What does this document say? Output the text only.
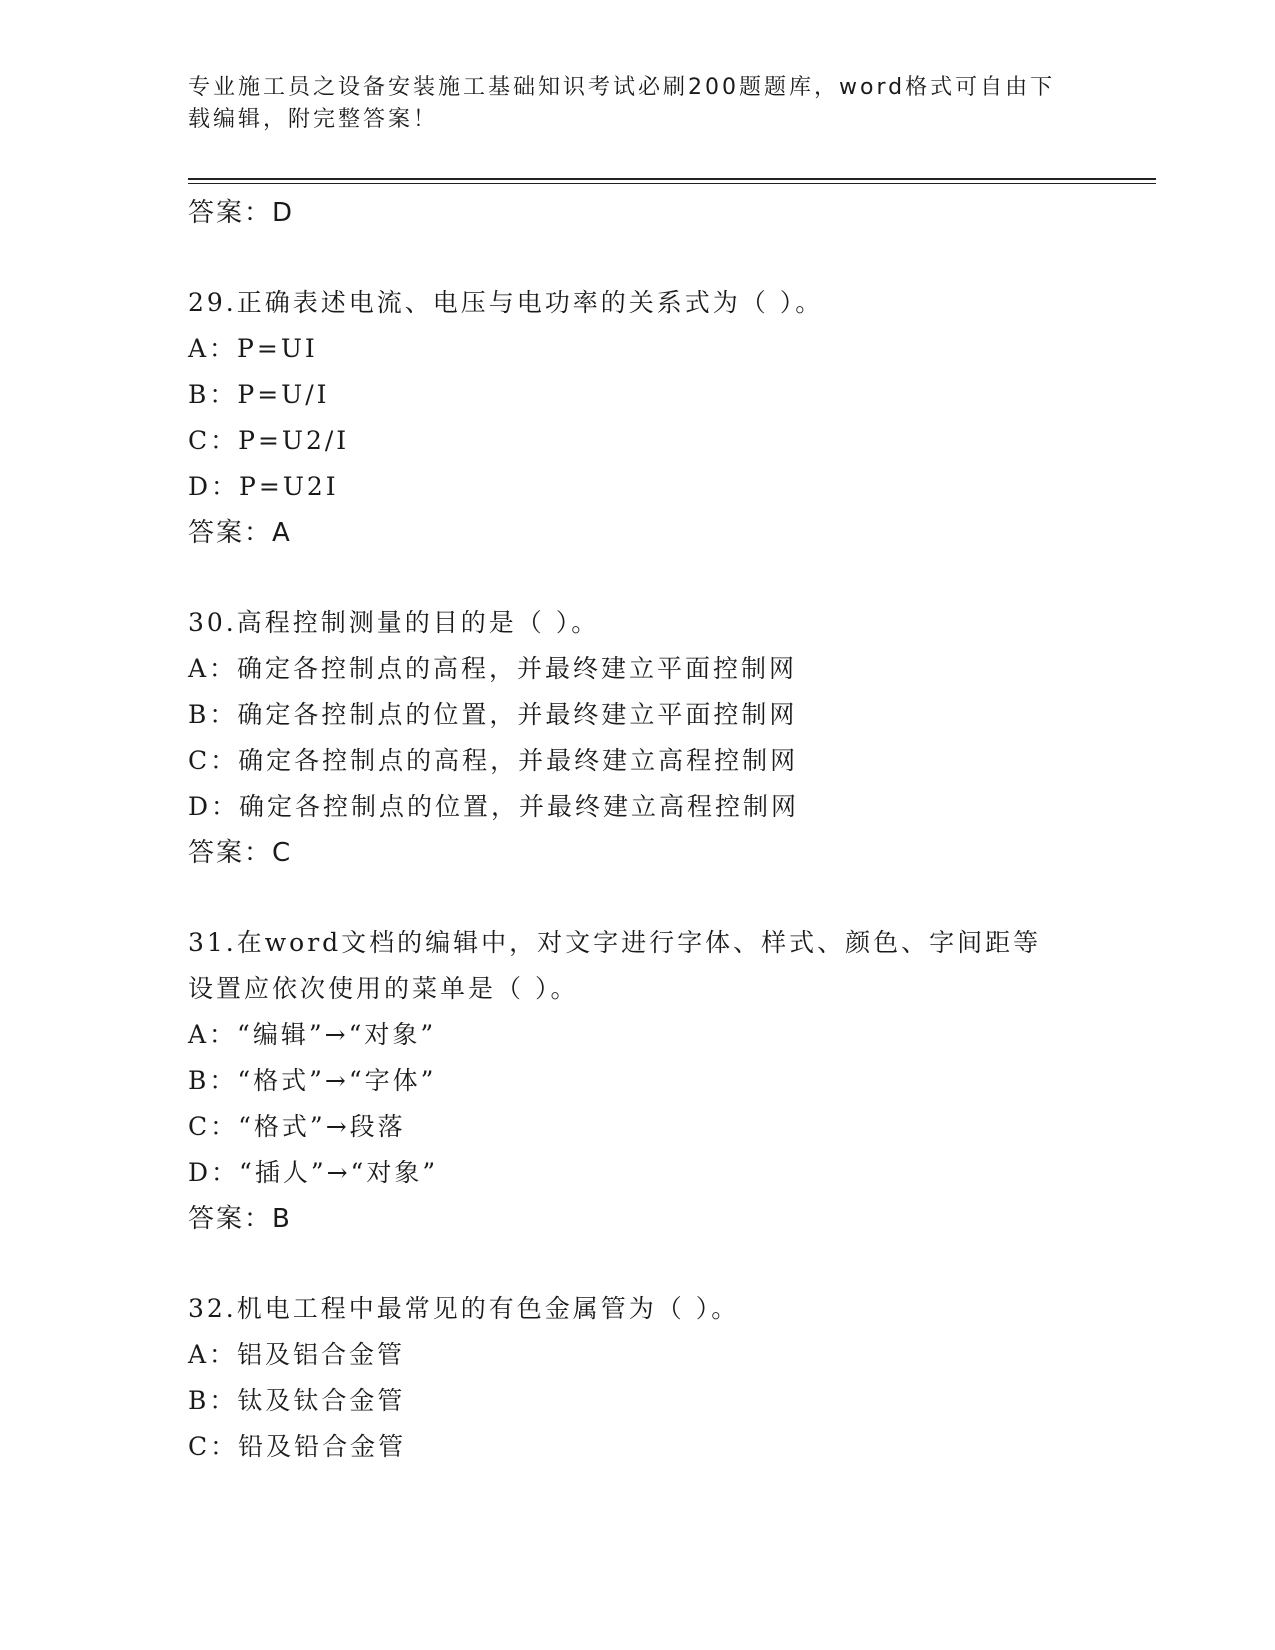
专业施工员之设备安装施工基础知识考试必刷200题题库，word格式可自由下载编辑，附完整答案！
答案：D
29.正确表述电流、电压与电功率的关系式为（ ）。
A：P=UI
B：P=U/I
C：P=U2/I
D：P=U2I
答案：A
30.高程控制测量的目的是（ ）。
A：确定各控制点的高程，并最终建立平面控制网
B：确定各控制点的位置，并最终建立平面控制网
C：确定各控制点的高程，并最终建立高程控制网
D：确定各控制点的位置，并最终建立高程控制网
答案：C
31.在word文档的编辑中，对文字进行字体、样式、颜色、字间距等
设置应依次使用的菜单是（ ）。
A：“编辑”→“对象”
B：“格式”→“字体”
C：“格式”→段落
D：“插人”→“对象”
答案：B
32.机电工程中最常见的有色金属管为（ ）。
A：铝及铝合金管
B：钛及钛合金管
C：铅及铅合金管
